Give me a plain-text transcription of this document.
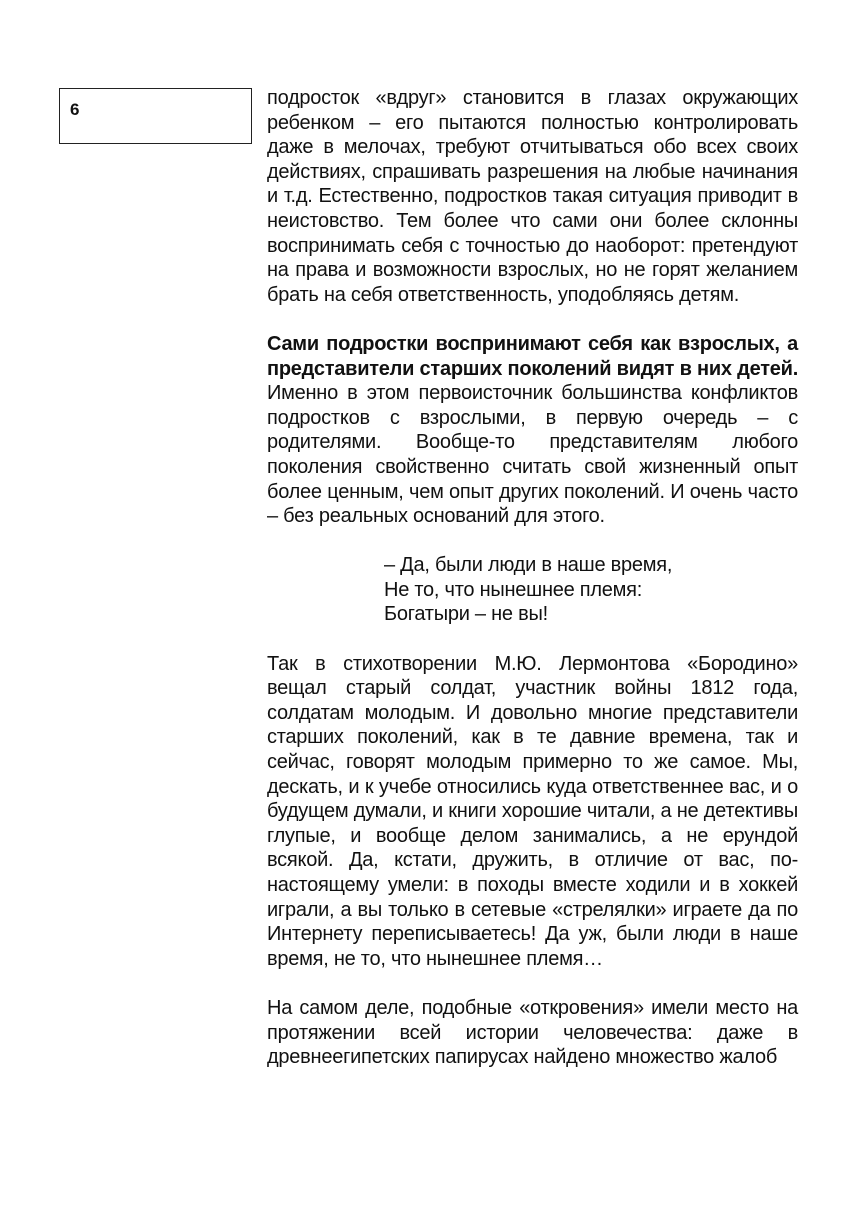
6

подросток «вдруг» становится в глазах окружающих ребенком – его пытаются полностью контролировать даже в мелочах, требуют отчитываться обо всех своих действиях, спрашивать разрешения на любые начинания и т.д. Естественно, подростков такая ситуация приводит в неистовство. Тем более что сами они более склонны воспринимать себя с точностью до наоборот: претендуют на права и возможности взрослых, но не горят желанием брать на себя ответственность, уподобляясь детям.

Сами подростки воспринимают себя как взрослых, а представители старших поколений видят в них детей. Именно в этом первоисточник большинства конфликтов подростков с взрослыми, в первую очередь – с родителями. Вообще-то представителям любого поколения свойственно считать свой жизненный опыт более ценным, чем опыт других поколений. И очень часто – без реальных оснований для этого.

– Да, были люди в наше время,
Не то, что нынешнее племя:
Богатыри – не вы!

Так в стихотворении М.Ю. Лермонтова «Бородино» вещал старый солдат, участник войны 1812 года, солдатам молодым. И довольно многие представители старших поколений, как в те давние времена, так и сейчас, говорят молодым примерно то же самое. Мы, дескать, и к учебе относились куда ответственнее вас, и о будущем думали, и книги хорошие читали, а не детективы глупые, и вообще делом занимались, а не ерундой всякой. Да, кстати, дружить, в отличие от вас, по-настоящему умели: в походы вместе ходили и в хоккей играли, а вы только в сетевые «стрелялки» играете да по Интернету переписываетесь! Да уж, были люди в наше время, не то, что нынешнее племя…

На самом деле, подобные «откровения» имели место на протяжении всей истории человечества: даже в древнеегипетских папирусах найдено множество жалоб
